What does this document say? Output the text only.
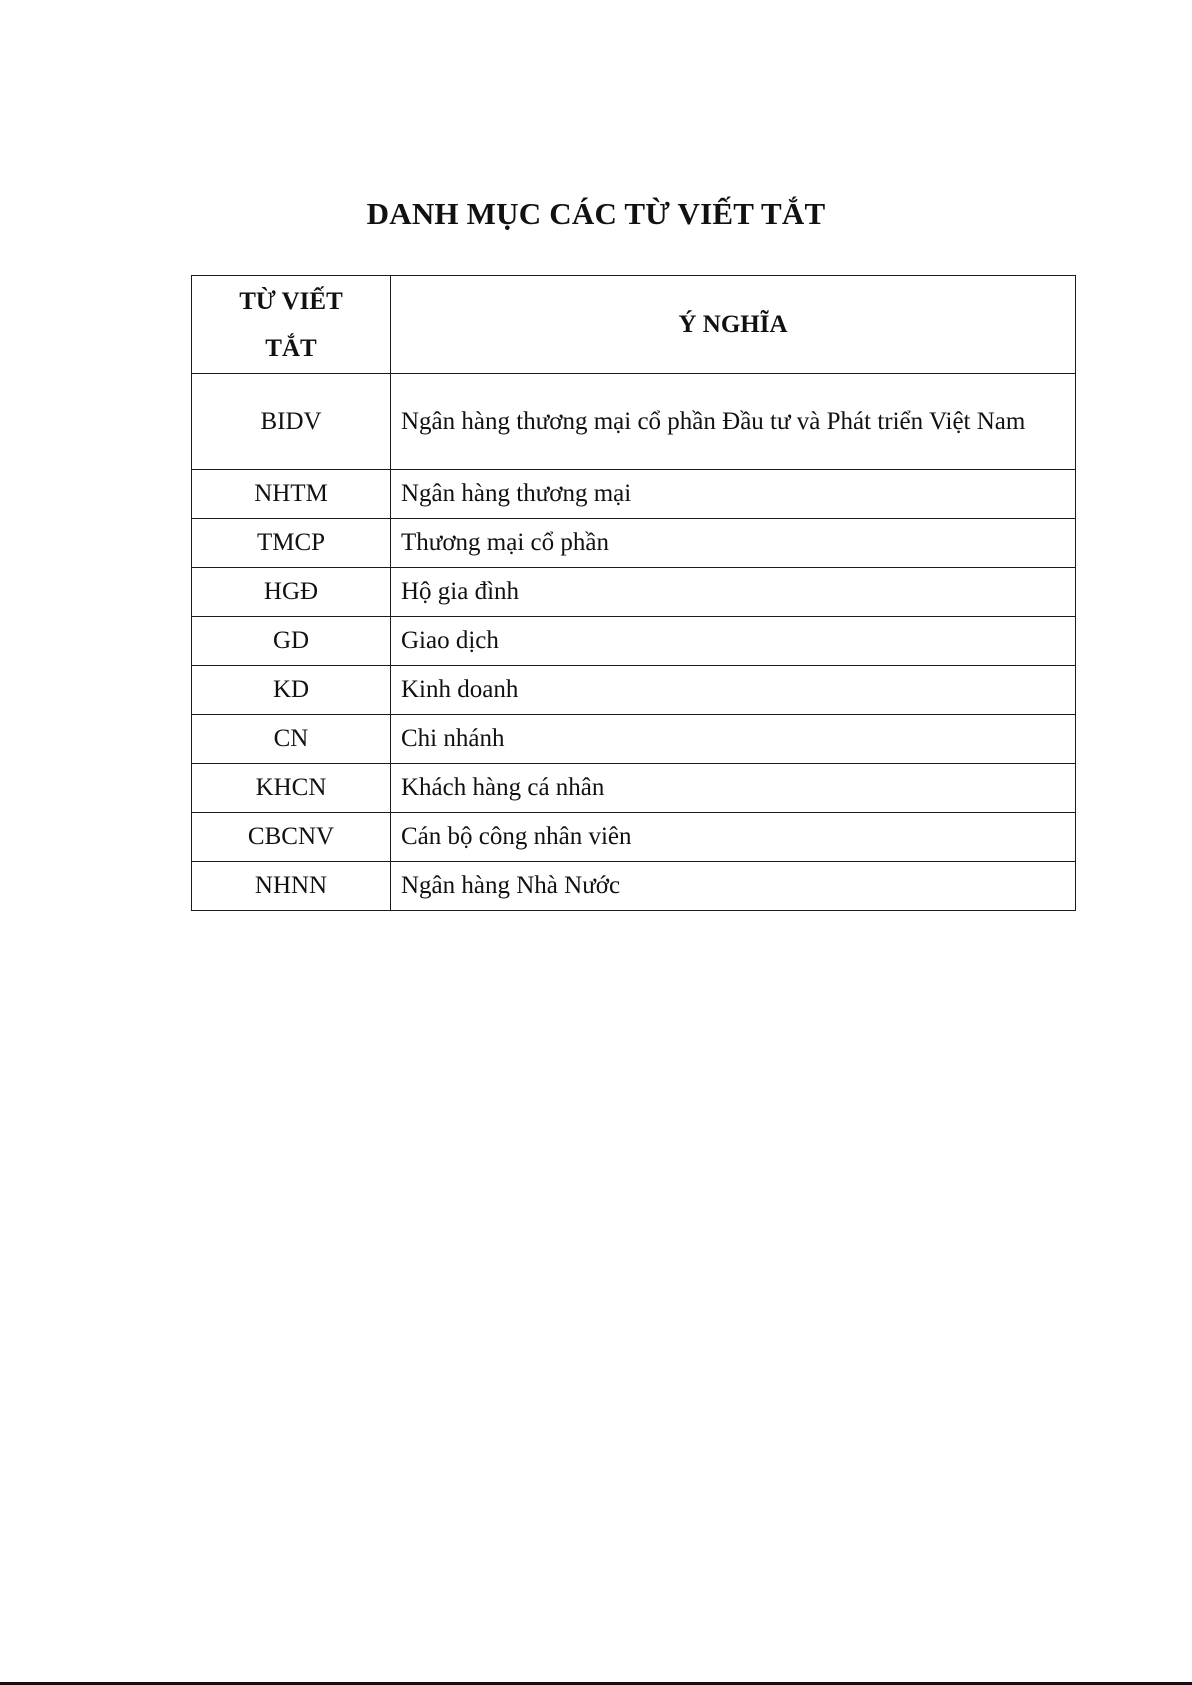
DANH MỤC CÁC TỪ VIẾT TẮT
TỪ VIẾT
TẮT	Ý NGHĨA
BIDV	Ngân hàng thương mại cổ phần Đầu tư và Phát triển Việt Nam
NHTM	Ngân hàng thương mại
TMCP	Thương mại cổ phần
HGĐ	Hộ gia đình
GD	Giao dịch
KD	Kinh doanh
CN	Chi nhánh
KHCN	Khách hàng cá nhân
CBCNV	Cán bộ công nhân viên
NHNN	Ngân hàng Nhà Nước
